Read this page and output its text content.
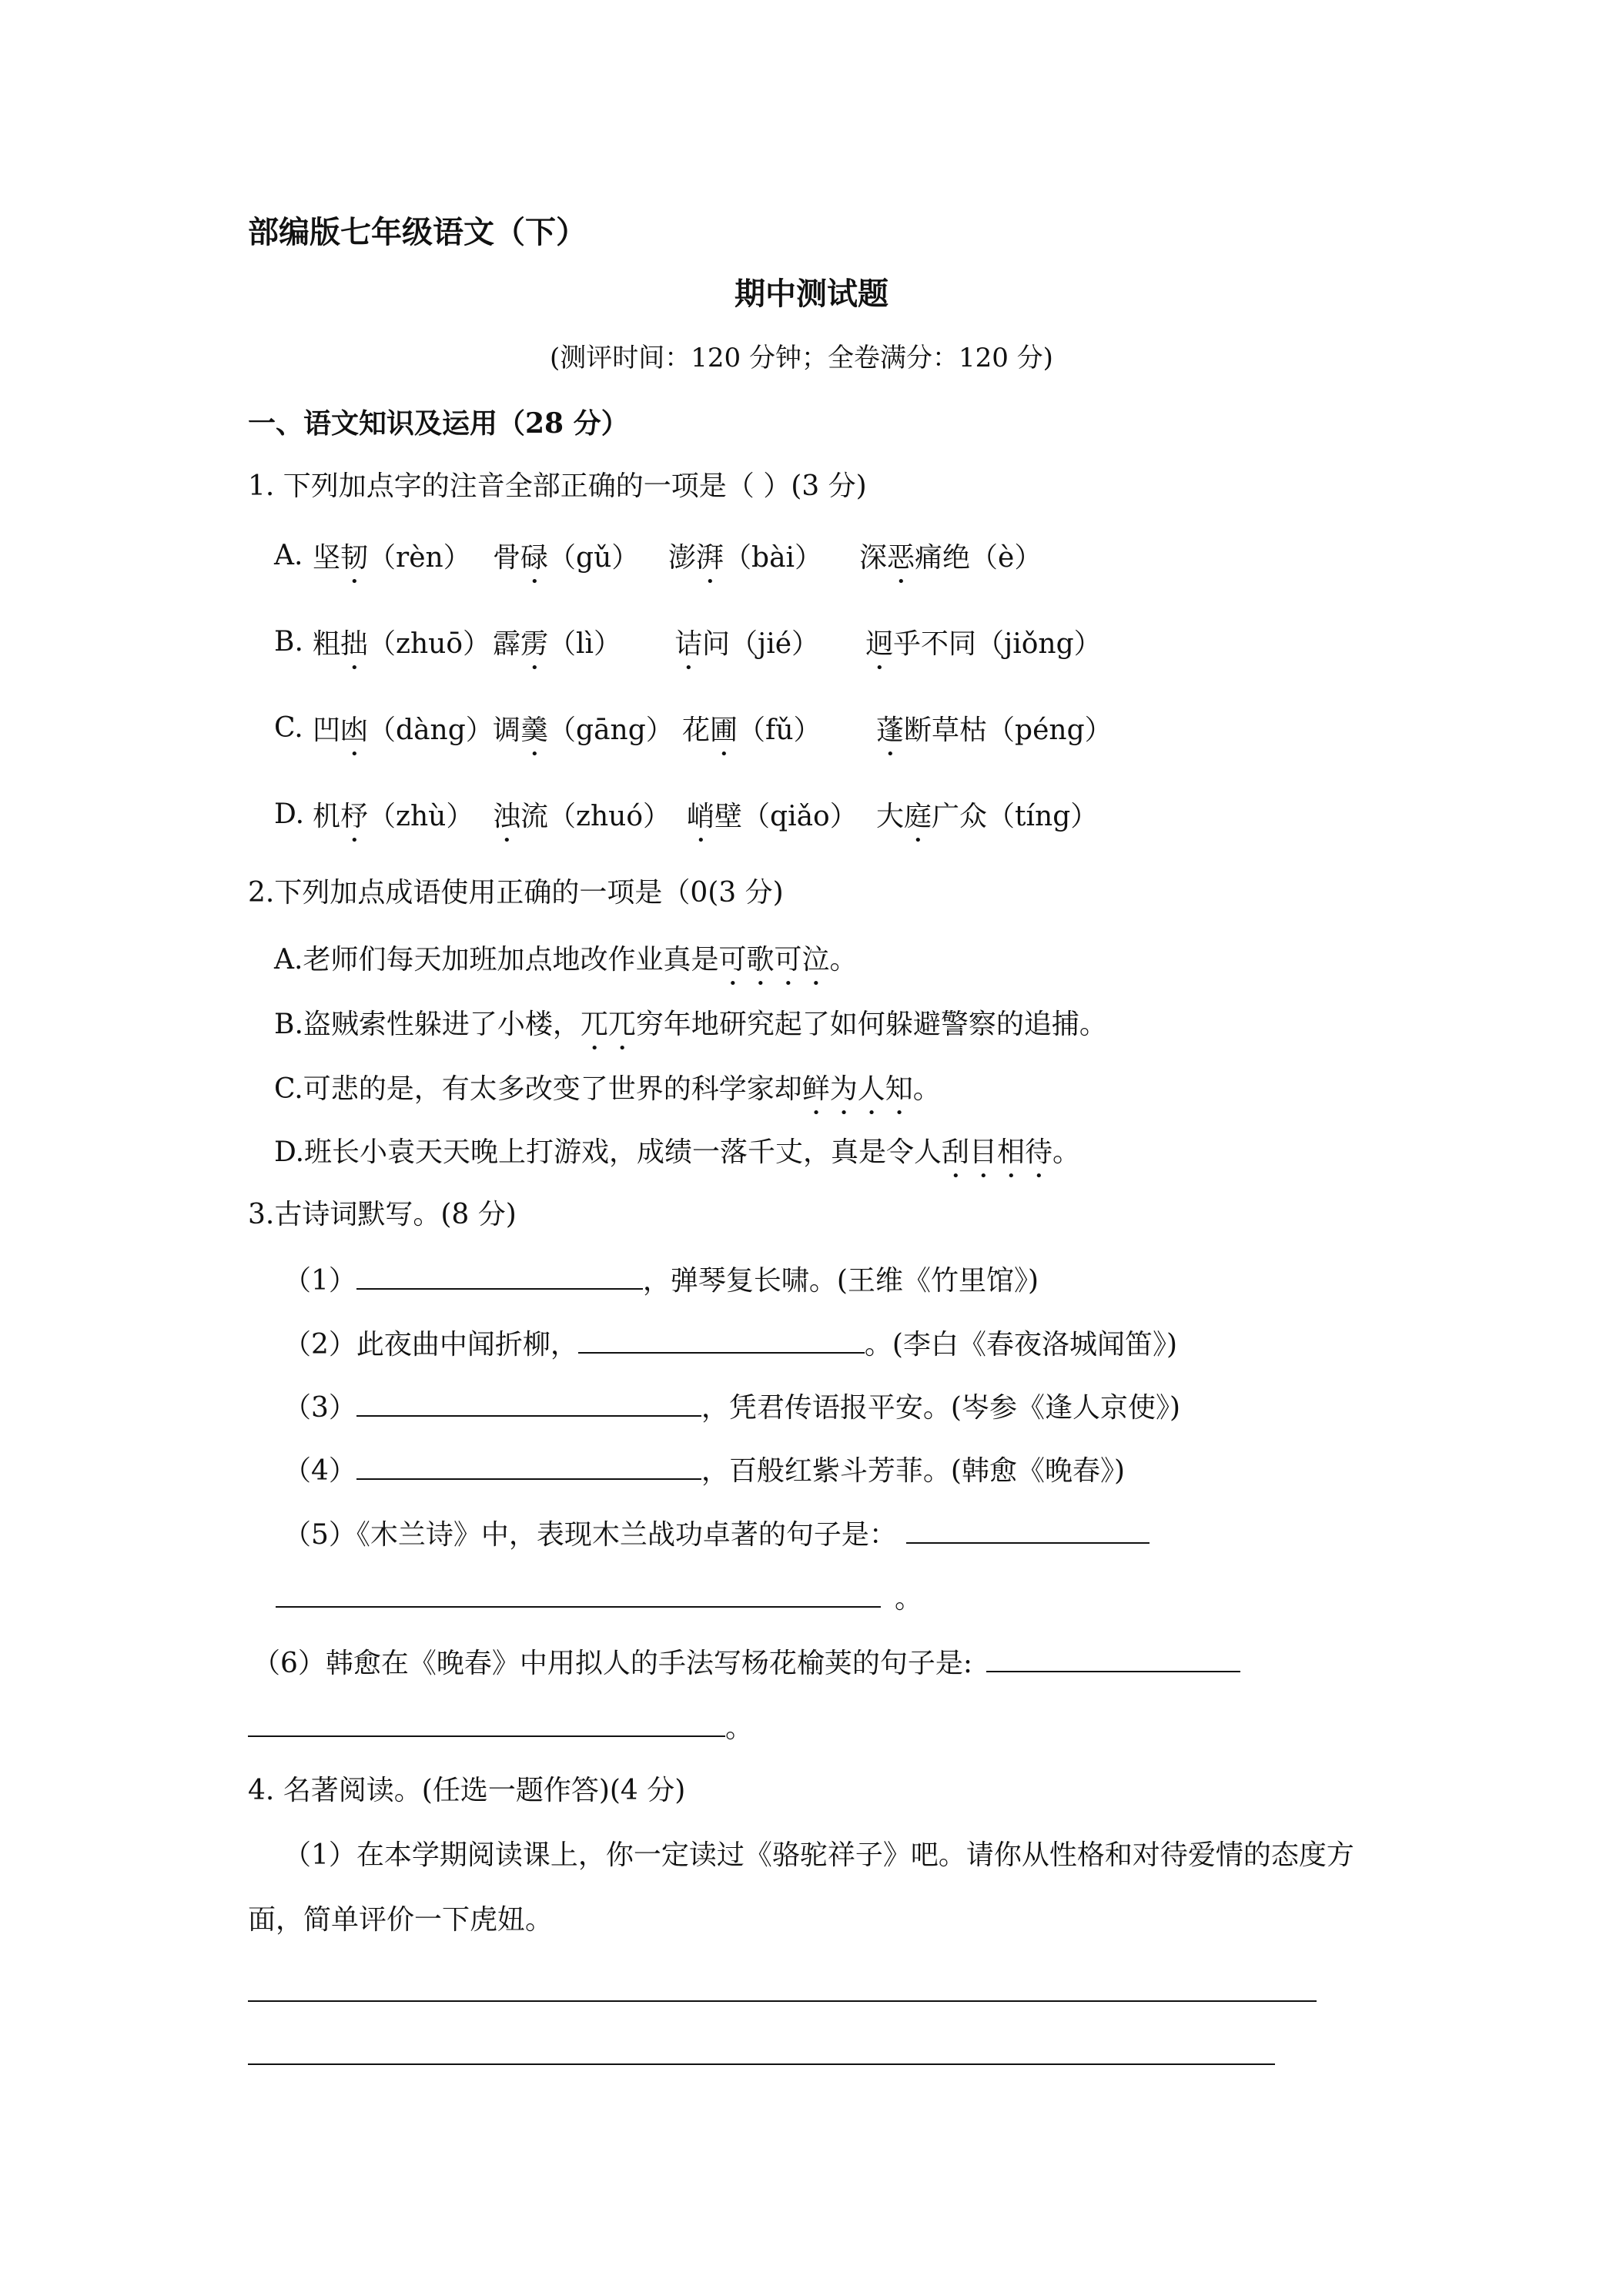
部编版七年级语文（下）
期中测试题
(测评时间：120 分钟；全卷满分：120 分)
一、语文知识及运用（28 分）
1. 下列加点字的注音全部正确的一项是（ ）(3 分)
A. 坚韧（rèn） 骨碌（gǔ） 澎湃（bài） 深恶痛绝（è）
B. 粗拙（zhuō） 霹雳（lì） 诘问（jié） 迥乎不同（jiǒng）
C. 凹凼（dàng） 调羹（gāng） 花圃（fǔ） 蓬断草枯（péng）
D. 机杼（zhù） 浊流（zhuó） 峭壁（qiǎo） 大庭广众（tíng）
2.下列加点成语使用正确的一项是（0(3 分)
A.老师们每天加班加点地改作业真是可歌可泣。
B.盗贼索性躲进了小楼，兀兀穷年地研究起了如何躲避警察的追捕。
C.可悲的是，有太多改变了世界的科学家却鲜为人知。
D.班长小袁天天晚上打游戏，成绩一落千丈，真是令人刮目相待。
3.古诗词默写。(8 分)
（1）	，弹琴复长啸。(王维《竹里馆》)
（2）此夜曲中闻折柳，	。(李白《春夜洛城闻笛》)
（3）	，凭君传语报平安。(岑参《逢人京使》)
（4）	，百般红紫斗芳菲。(韩愈《晚春》)
（5）《木兰诗》中，表现木兰战功卓著的句子是：
。
（6）韩愈在《晚春》中用拟人的手法写杨花榆荚的句子是:
。
4. 名著阅读。(任选一题作答)(4 分)
（1）在本学期阅读课上，你一定读过《骆驼祥子》吧。请你从性格和对待爱情的态度方
面，简单评价一下虎妞。
